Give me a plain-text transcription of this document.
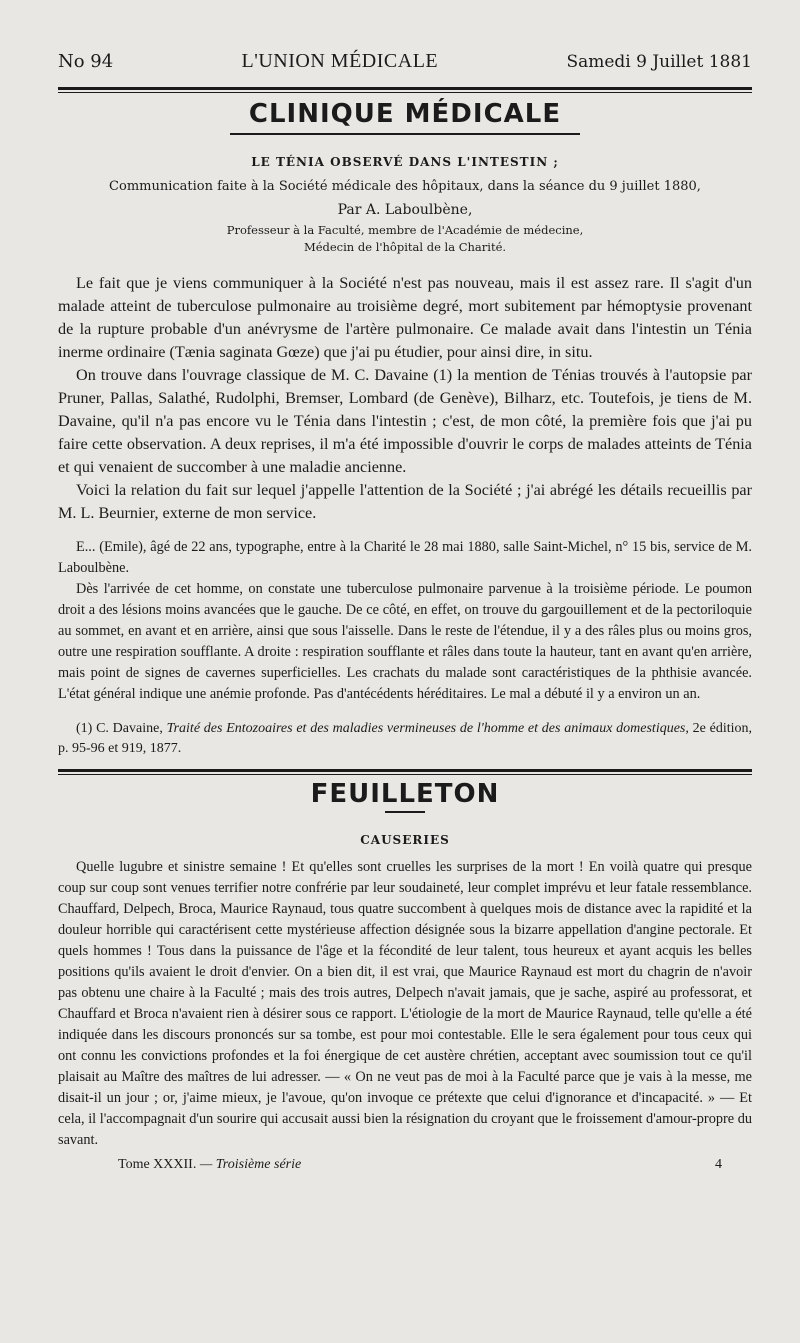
No 94	L'UNION MÉDICALE	Samedi 9 Juillet 1881
CLINIQUE MÉDICALE
LE TÉNIA OBSERVÉ DANS L'INTESTIN ;
Communication faite à la Société médicale des hôpitaux, dans la séance du 9 juillet 1880,
Par A. Laboulbène,
Professeur à la Faculté, membre de l'Académie de médecine,
Médecin de l'hôpital de la Charité.

Le fait que je viens communiquer à la Société n'est pas nouveau, mais il est assez rare. Il s'agit d'un malade atteint de tuberculose pulmonaire au troisième degré, mort subitement par hémoptysie provenant de la rupture probable d'un anévrysme de l'artère pulmonaire. Ce malade avait dans l'intestin un Ténia inerme ordinaire (Tænia saginata Gœze) que j'ai pu étudier, pour ainsi dire, in situ.

On trouve dans l'ouvrage classique de M. C. Davaine (1) la mention de Ténias trouvés à l'autopsie par Pruner, Pallas, Salathé, Rudolphi, Bremser, Lombard (de Genève), Bilharz, etc. Toutefois, je tiens de M. Davaine, qu'il n'a pas encore vu le Ténia dans l'intestin ; c'est, de mon côté, la première fois que j'ai pu faire cette observation. A deux reprises, il m'a été impossible d'ouvrir le corps de malades atteints de Ténia et qui venaient de succomber à une maladie ancienne.

Voici la relation du fait sur lequel j'appelle l'attention de la Société ; j'ai abrégé les détails recueillis par M. L. Beurnier, externe de mon service.

E... (Emile), âgé de 22 ans, typographe, entre à la Charité le 28 mai 1880, salle Saint-Michel, n° 15 bis, service de M. Laboulbène.

Dès l'arrivée de cet homme, on constate une tuberculose pulmonaire parvenue à la troisième période. Le poumon droit a des lésions moins avancées que le gauche. De ce côté, en effet, on trouve du gargouillement et de la pectoriloquie au sommet, en avant et en arrière, ainsi que sous l'aisselle. Dans le reste de l'étendue, il y a des râles plus ou moins gros, outre une respiration soufflante. A droite : respiration soufflante et râles dans toute la hauteur, tant en avant qu'en arrière, mais point de signes de cavernes superficielles. Les crachats du malade sont caractéristiques de la phthisie avancée. L'état général indique une anémie profonde. Pas d'antécédents héréditaires. Le mal a débuté il y a environ un an.

(1) C. Davaine, Traité des Entozoaires et des maladies vermineuses de l'homme et des animaux domestiques, 2e édition, p. 95-96 et 919, 1877.
FEUILLETON
CAUSERIES

Quelle lugubre et sinistre semaine ! Et qu'elles sont cruelles les surprises de la mort ! En voilà quatre qui presque coup sur coup sont venues terrifier notre confrérie par leur soudaineté, leur complet imprévu et leur fatale ressemblance. Chauffard, Delpech, Broca, Maurice Raynaud, tous quatre succombent à quelques mois de distance avec la rapidité et la douleur horrible qui caractérisent cette mystérieuse affection désignée sous la bizarre appellation d'angine pectorale. Et quels hommes ! Tous dans la puissance de l'âge et la fécondité de leur talent, tous heureux et ayant acquis les belles positions qu'ils avaient le droit d'envier. On a bien dit, il est vrai, que Maurice Raynaud est mort du chagrin de n'avoir pas obtenu une chaire à la Faculté ; mais des trois autres, Delpech n'avait jamais, que je sache, aspiré au professorat, et Chauffard et Broca n'avaient rien à désirer sous ce rapport. L'étiologie de la mort de Maurice Raynaud, telle qu'elle a été indiquée dans les discours prononcés sur sa tombe, est pour moi contestable. Elle le sera également pour tous ceux qui ont connu les convictions profondes et la foi énergique de cet austère chrétien, acceptant avec soumission tout ce qu'il plaisait au Maître des maîtres de lui adresser. — « On ne veut pas de moi à la Faculté parce que je vais à la messe, me disait-il un jour ; or, j'aime mieux, je l'avoue, qu'on invoque ce prétexte que celui d'ignorance et d'incapacité. » — Et cela, il l'accompagnait d'un sourire qui accusait aussi bien la résignation du croyant que le froissement d'amour-propre du savant.

Tome XXXII. — Troisième série	4
